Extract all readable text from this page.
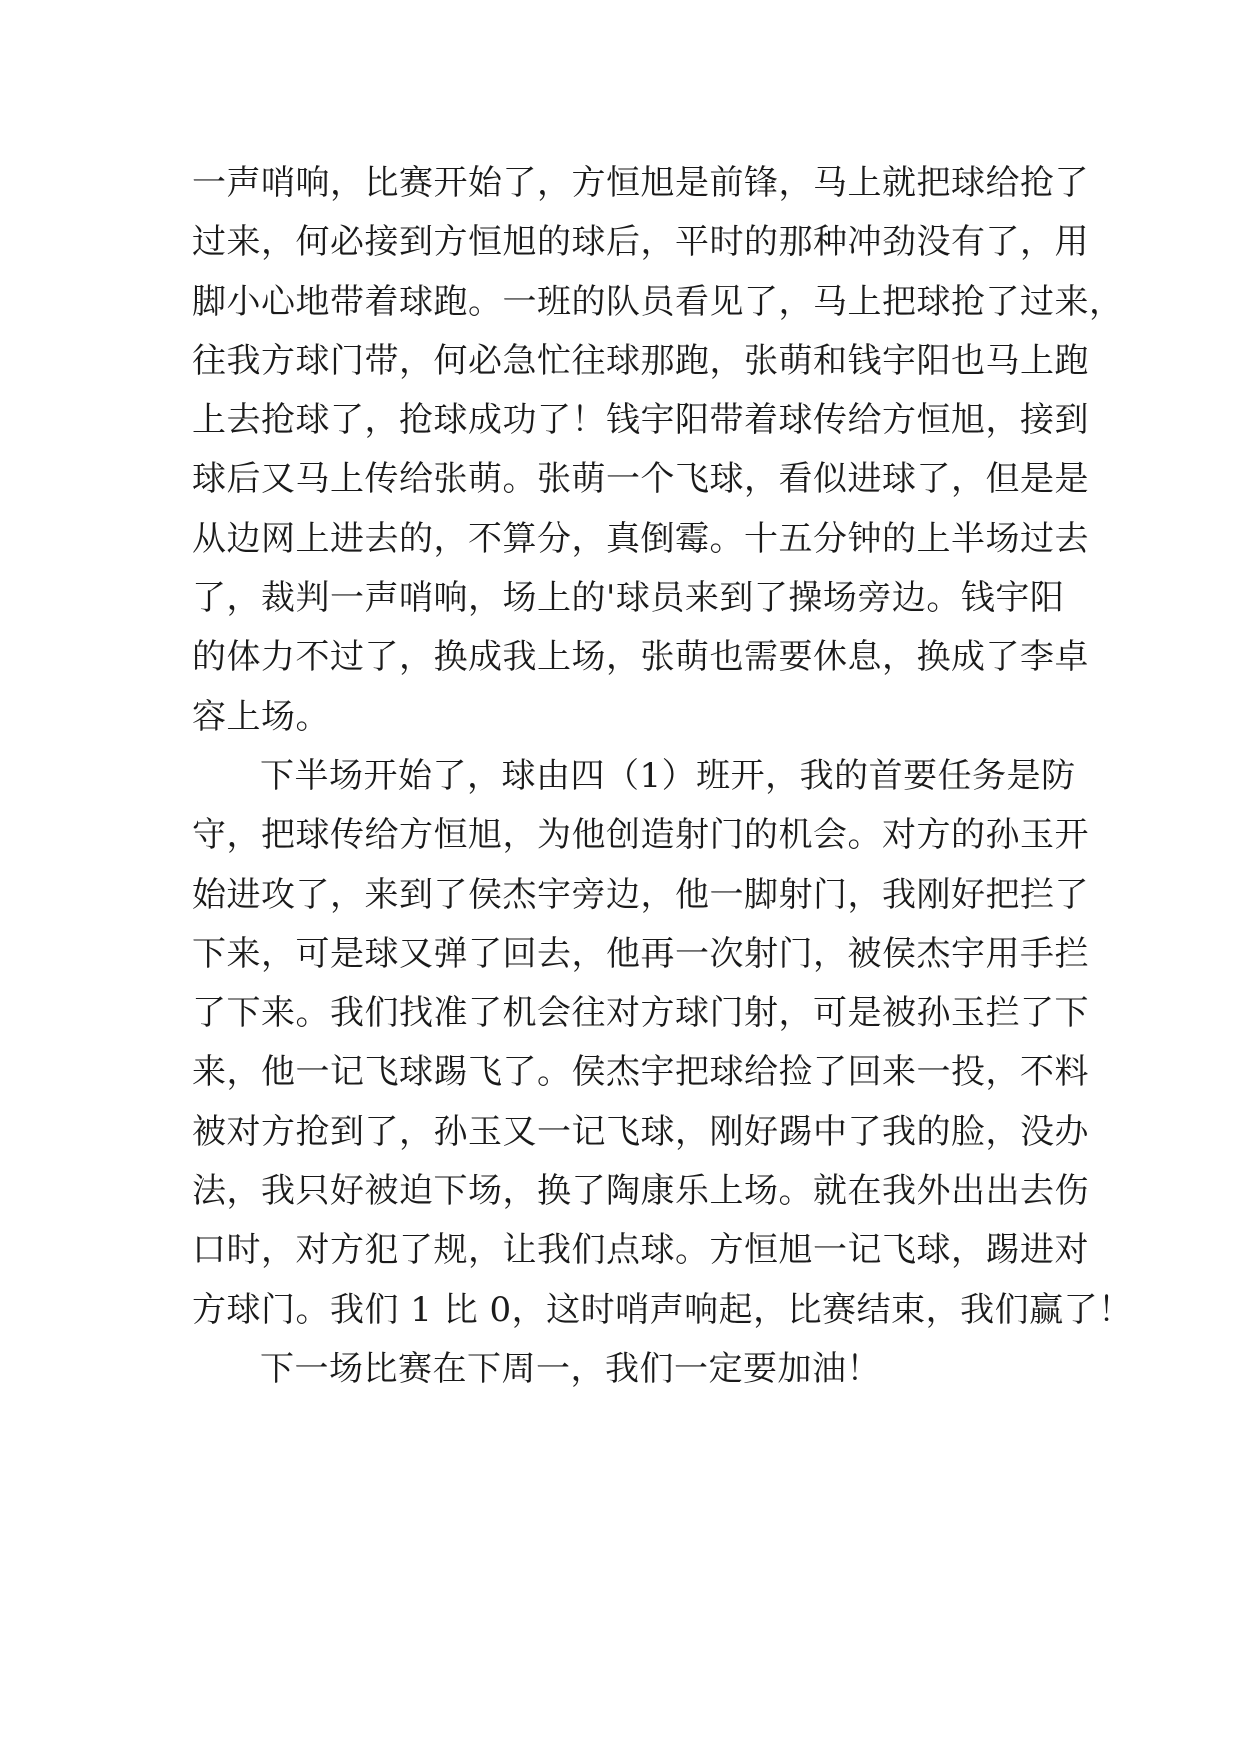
一声哨响，比赛开始了，方恒旭是前锋，马上就把球给抢了
过来，何必接到方恒旭的球后，平时的那种冲劲没有了，用
脚小心地带着球跑。一班的队员看见了，马上把球抢了过来，
往我方球门带，何必急忙往球那跑，张萌和钱宇阳也马上跑
上去抢球了，抢球成功了！钱宇阳带着球传给方恒旭，接到
球后又马上传给张萌。张萌一个飞球，看似进球了，但是是
从边网上进去的，不算分，真倒霉。十五分钟的上半场过去
了，裁判一声哨响，场上的'球员来到了操场旁边。钱宇阳
的体力不过了，换成我上场，张萌也需要休息，换成了李卓
容上场。
下半场开始了，球由四（1）班开，我的首要任务是防
守，把球传给方恒旭，为他创造射门的机会。对方的孙玉开
始进攻了，来到了侯杰宇旁边，他一脚射门，我刚好把拦了
下来，可是球又弹了回去，他再一次射门，被侯杰宇用手拦
了下来。我们找准了机会往对方球门射，可是被孙玉拦了下
来，他一记飞球踢飞了。侯杰宇把球给捡了回来一投，不料
被对方抢到了，孙玉又一记飞球，刚好踢中了我的脸，没办
法，我只好被迫下场，换了陶康乐上场。就在我外出出去伤
口时，对方犯了规，让我们点球。方恒旭一记飞球，踢进对
方球门。我们 1 比 0，这时哨声响起，比赛结束，我们赢了！
下一场比赛在下周一，我们一定要加油！
